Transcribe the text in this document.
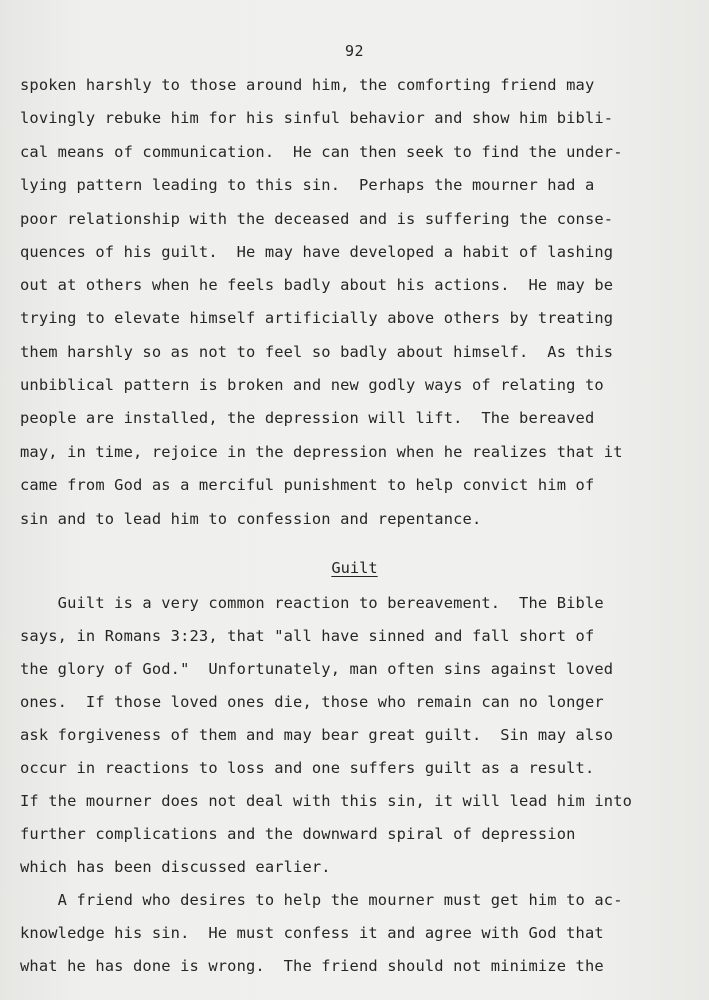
92

spoken harshly to those around him, the comforting friend may

lovingly rebuke him for his sinful behavior and show him bibli-

cal means of communication.  He can then seek to find the under-

lying pattern leading to this sin.  Perhaps the mourner had a

poor relationship with the deceased and is suffering the conse-

quences of his guilt.  He may have developed a habit of lashing

out at others when he feels badly about his actions.  He may be

trying to elevate himself artificially above others by treating

them harshly so as not to feel so badly about himself.  As this

unbiblical pattern is broken and new godly ways of relating to

people are installed, the depression will lift.  The bereaved

may, in time, rejoice in the depression when he realizes that it

came from God as a merciful punishment to help convict him of

sin and to lead him to confession and repentance.

Guilt

Guilt is a very common reaction to bereavement.  The Bible

says, in Romans 3:23, that "all have sinned and fall short of

the glory of God."  Unfortunately, man often sins against loved

ones.  If those loved ones die, those who remain can no longer

ask forgiveness of them and may bear great guilt.  Sin may also

occur in reactions to loss and one suffers guilt as a result.

If the mourner does not deal with this sin, it will lead him into

further complications and the downward spiral of depression

which has been discussed earlier.

A friend who desires to help the mourner must get him to ac-

knowledge his sin.  He must confess it and agree with God that

what he has done is wrong.  The friend should not minimize the
